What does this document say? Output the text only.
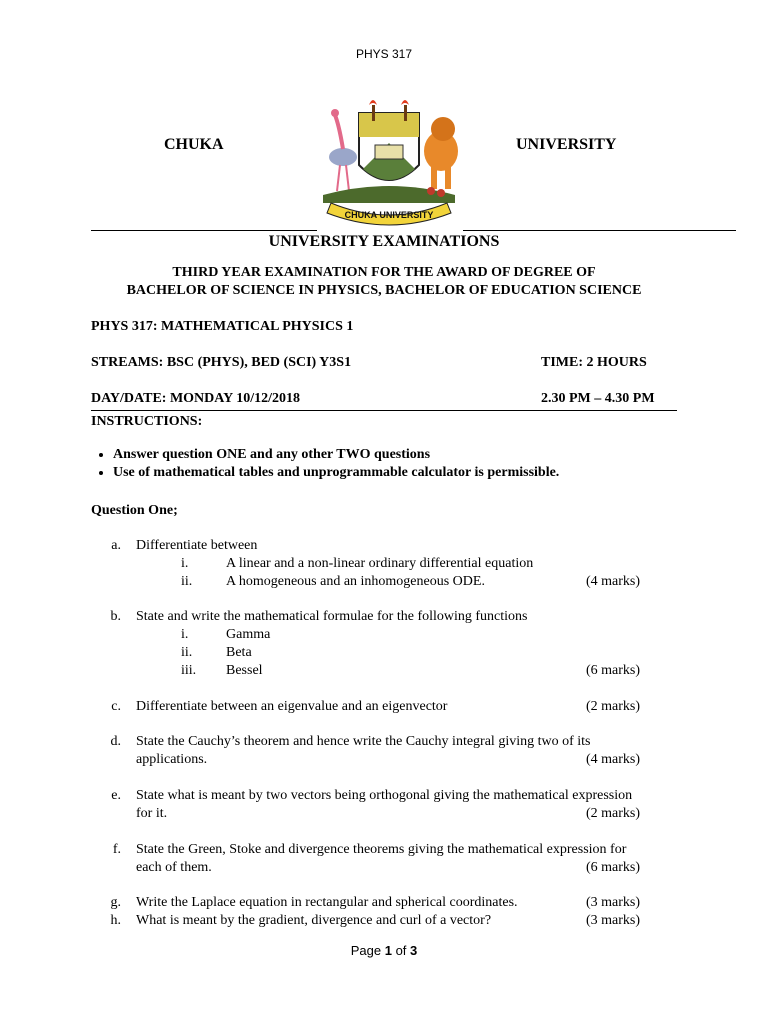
PHYS 317
CHUKA	UNIVERSITY
CHUKA UNIVERSITY
UNIVERSITY EXAMINATIONS
THIRD YEAR EXAMINATION FOR THE AWARD OF DEGREE OF
BACHELOR OF SCIENCE IN PHYSICS, BACHELOR OF EDUCATION SCIENCE
PHYS 317: MATHEMATICAL PHYSICS 1
STREAMS: BSC (PHYS), BED (SCI) Y3S1	TIME: 2 HOURS
DAY/DATE: MONDAY 10/12/2018	2.30 PM – 4.30 PM
INSTRUCTIONS:
• Answer question ONE and any other TWO questions
• Use of mathematical tables and unprogrammable calculator is permissible.
Question One;
a. Differentiate between
i.	A linear and a non-linear ordinary differential equation
ii. A homogeneous and an inhomogeneous ODE.	(4 marks)
b. State and write the mathematical formulae for the following functions
i.	Gamma
ii. Beta
iii. Bessel	(6 marks)
c. Differentiate between an eigenvalue and an eigenvector	(2 marks)
d. State the Cauchy’s theorem and hence write the Cauchy integral giving two of its
applications.	(4 marks)
e. State what is meant by two vectors being orthogonal giving the mathematical expression
for it.	(2 marks)
f. State the Green, Stoke and divergence theorems giving the mathematical expression for
each of them.	(6 marks)
g. Write the Laplace equation in rectangular and spherical coordinates.	(3 marks)
h. What is meant by the gradient, divergence and curl of a vector?	(3 marks)
Page 1 of 3
